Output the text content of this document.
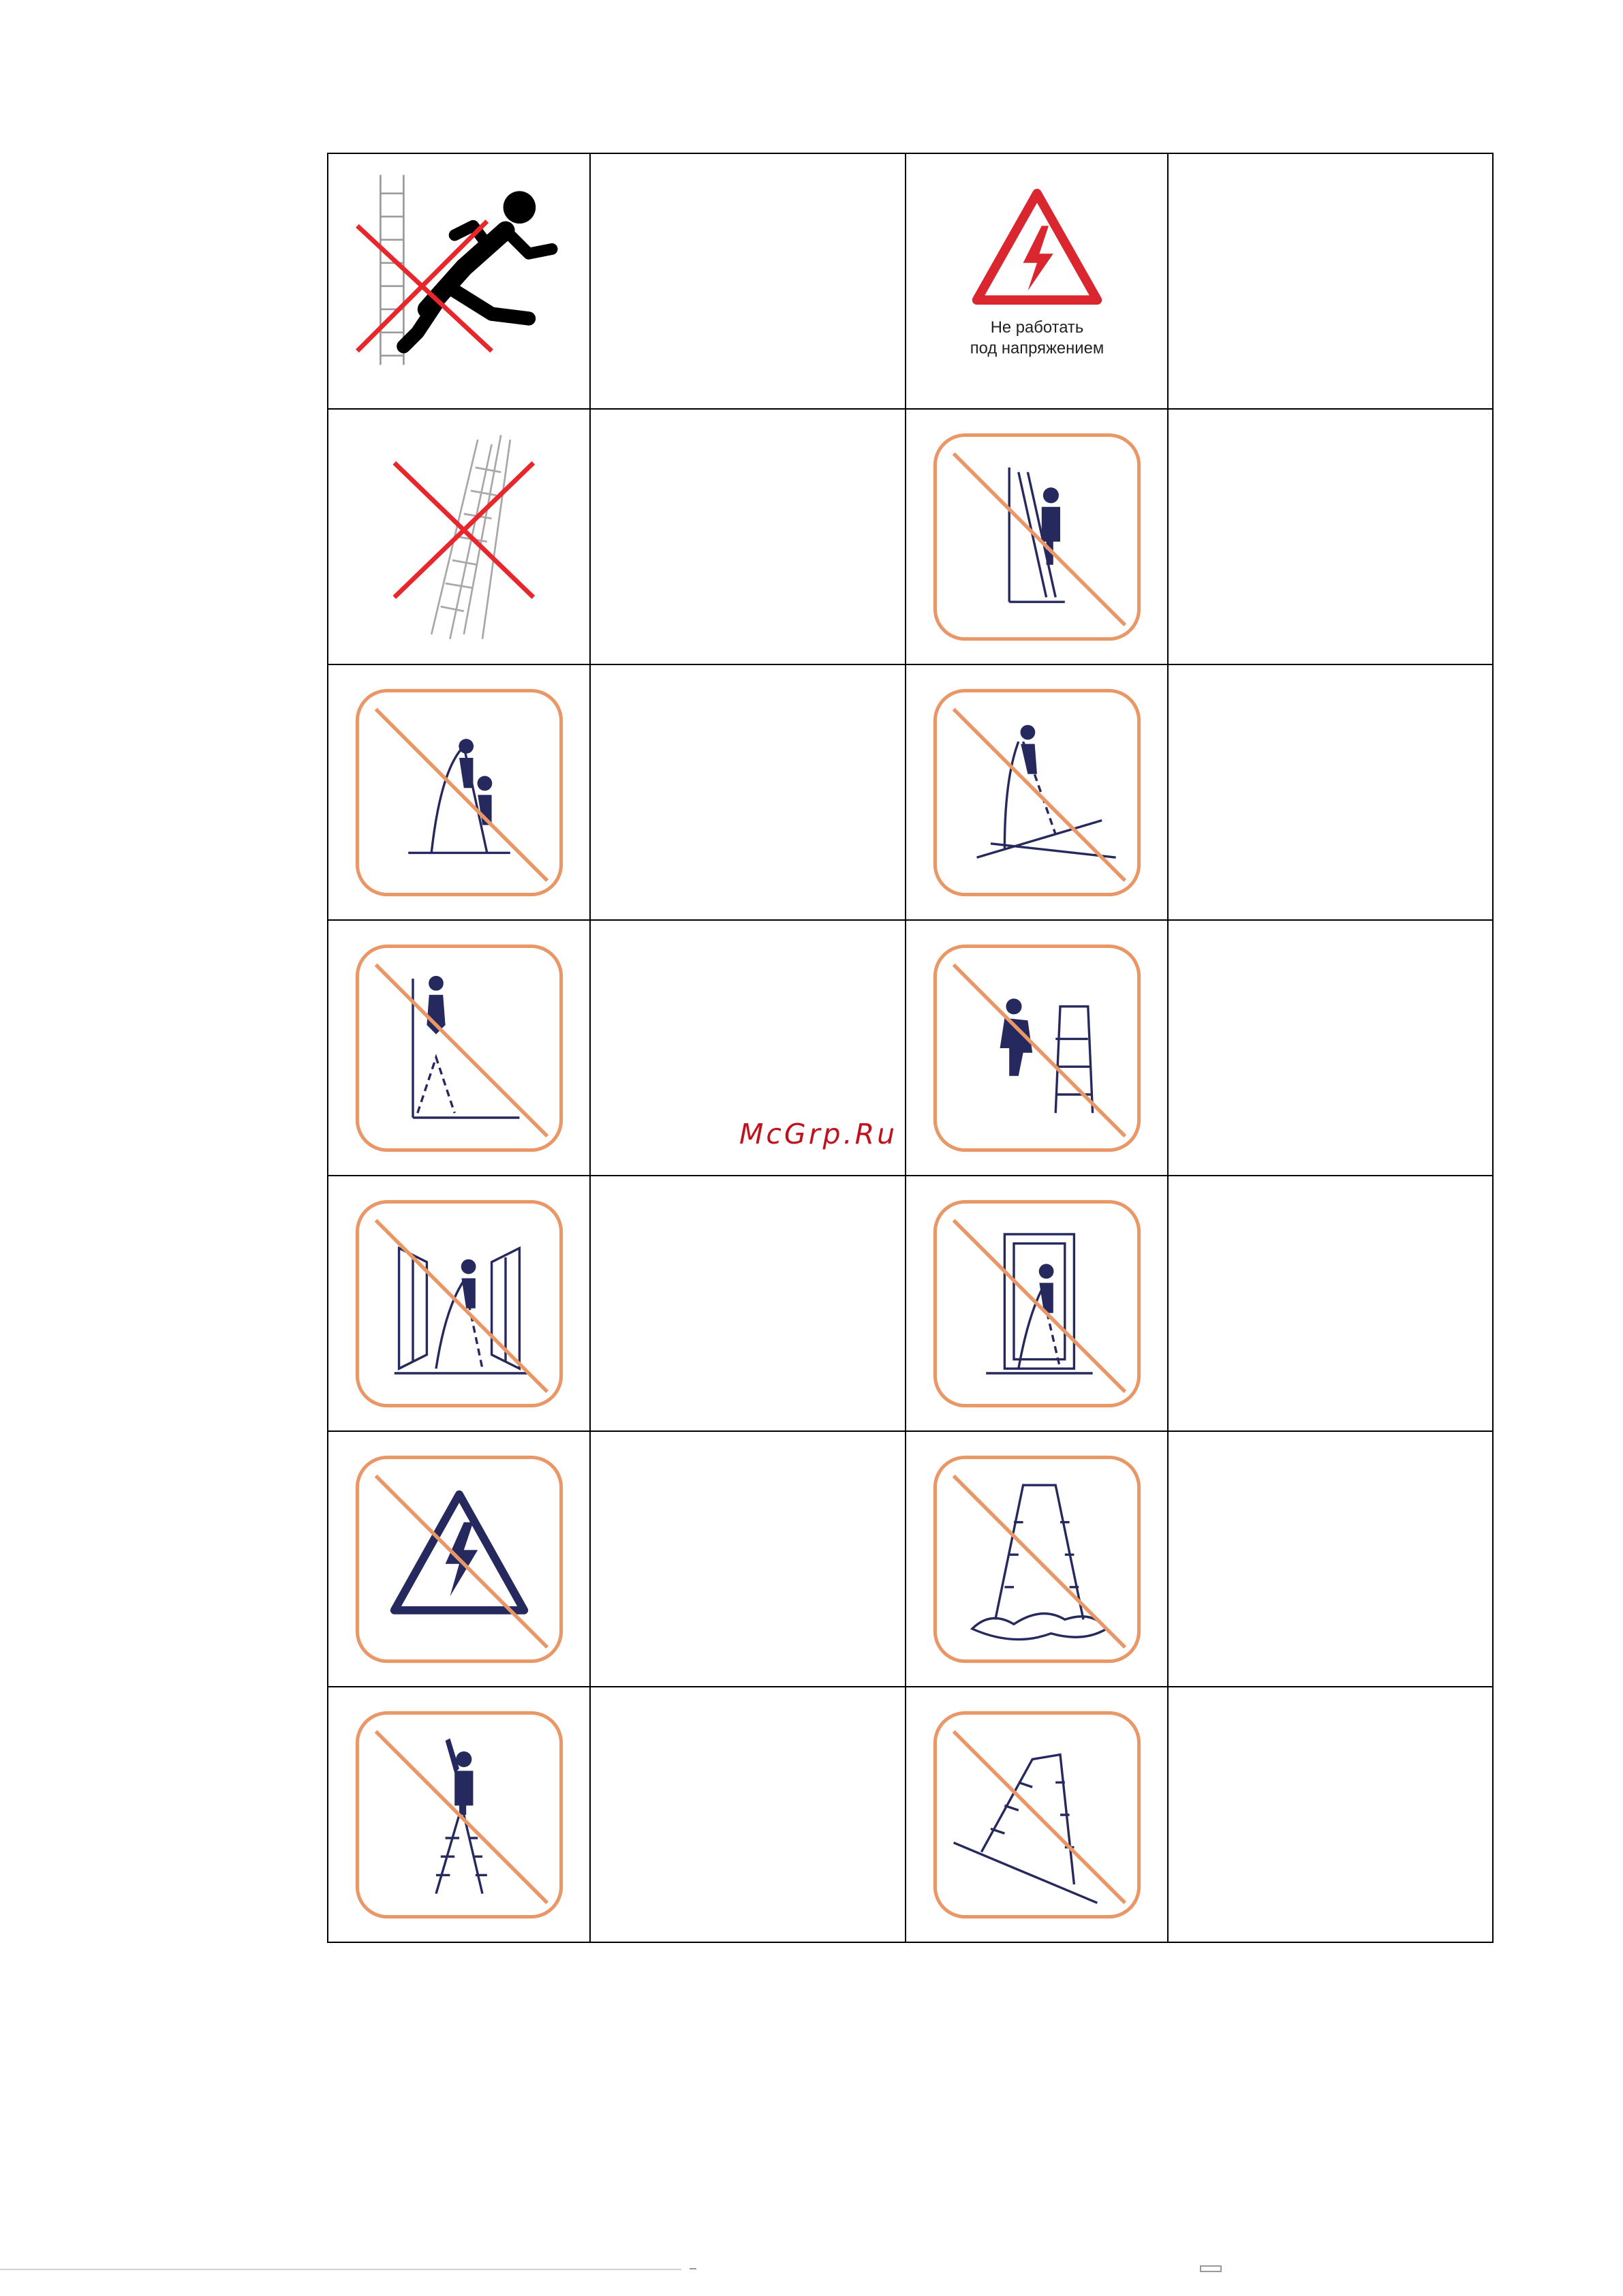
Не работать
под напряжением	

McGrp.Ru
